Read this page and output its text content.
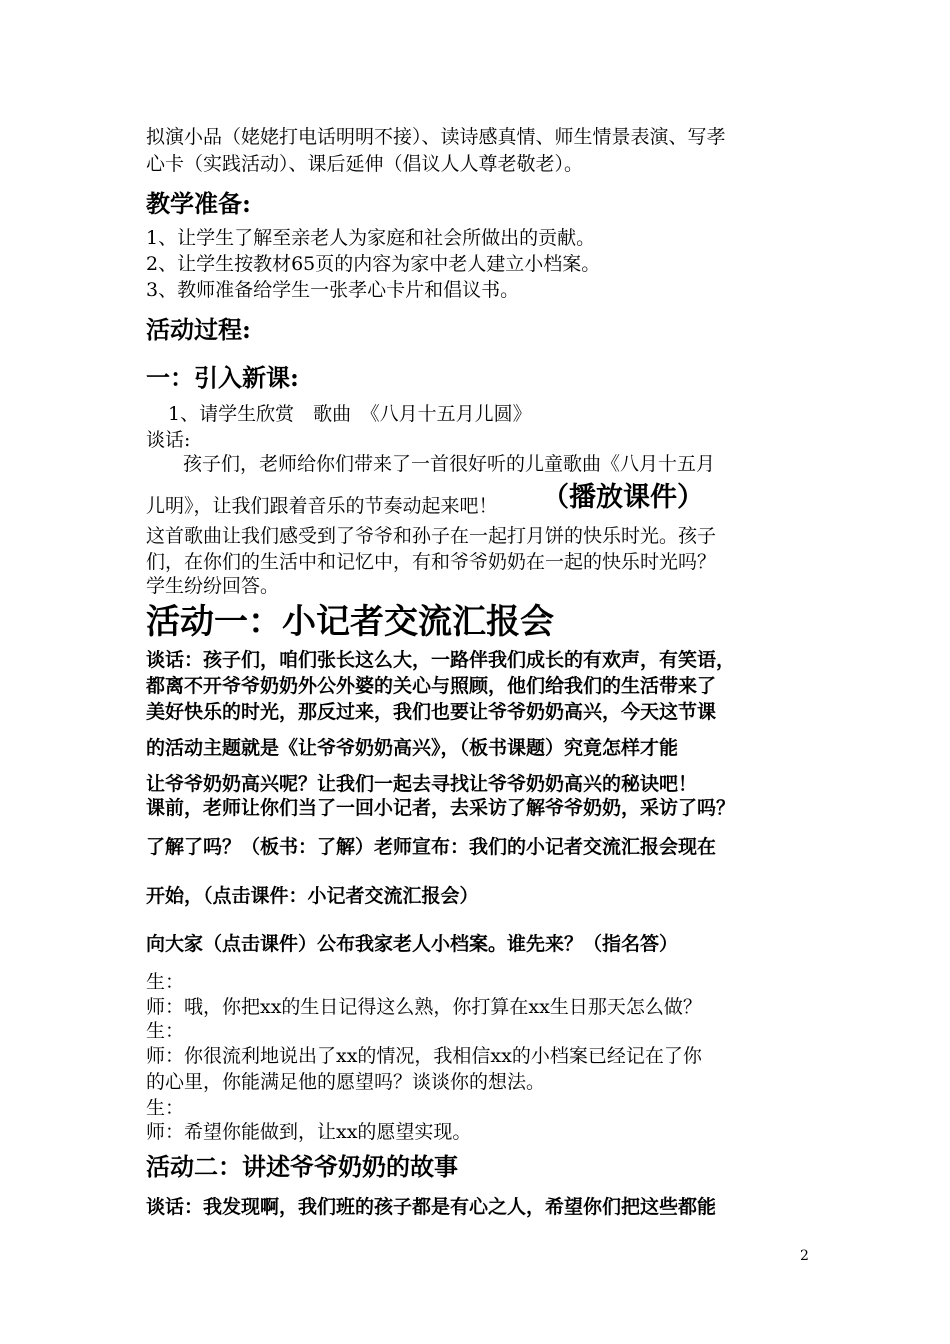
拟演小品（姥姥打电话明明不接）、读诗感真情、师生情景表演、写孝
心卡（实践活动）、课后延伸（倡议人人尊老敬老）。
教学准备:
1、让学生了解至亲老人为家庭和社会所做出的贡献。
2、让学生按教材65页的内容为家中老人建立小档案。
3、教师准备给学生一张孝心卡片和倡议书。
活动过程:
一：引入新课:
1、请学生欣赏　歌曲　《八月十五月儿圆》
谈话:
孩子们，老师给你们带来了一首很好听的儿童歌曲《八月十五月
儿明》，让我们跟着音乐的节奏动起来吧！ （播放课件）
这首歌曲让我们感受到了爷爷和孙子在一起打月饼的快乐时光。孩子
们，在你们的生活中和记忆中，有和爷爷奶奶在一起的快乐时光吗？
学生纷纷回答。
活动一：小记者交流汇报会
谈话：孩子们，咱们张长这么大，一路伴我们成长的有欢声，有笑语，
都离不开爷爷奶奶外公外婆的关心与照顾，他们给我们的生活带来了
美好快乐的时光，那反过来，我们也要让爷爷奶奶高兴，今天这节课
的活动主题就是《让爷爷奶奶高兴》，（板书课题）究竟怎样才能
让爷爷奶奶高兴呢？让我们一起去寻找让爷爷奶奶高兴的秘诀吧！
课前，老师让你们当了一回小记者，去采访了解爷爷奶奶，采访了吗？
了解了吗？（板书：了解）老师宣布：我们的小记者交流汇报会现在
开始，（点击课件：小记者交流汇报会）
向大家（点击课件）公布我家老人小档案。谁先来？（指名答）
生：
师：哦，你把xx的生日记得这么熟，你打算在xx生日那天怎么做？
生：
师：你很流利地说出了xx的情况，我相信xx的小档案已经记在了你
的心里，你能满足他的愿望吗？谈谈你的想法。
生：
师：希望你能做到，让xx的愿望实现。
活动二：讲述爷爷奶奶的故事
谈话：我发现啊，我们班的孩子都是有心之人，希望你们把这些都能
2
